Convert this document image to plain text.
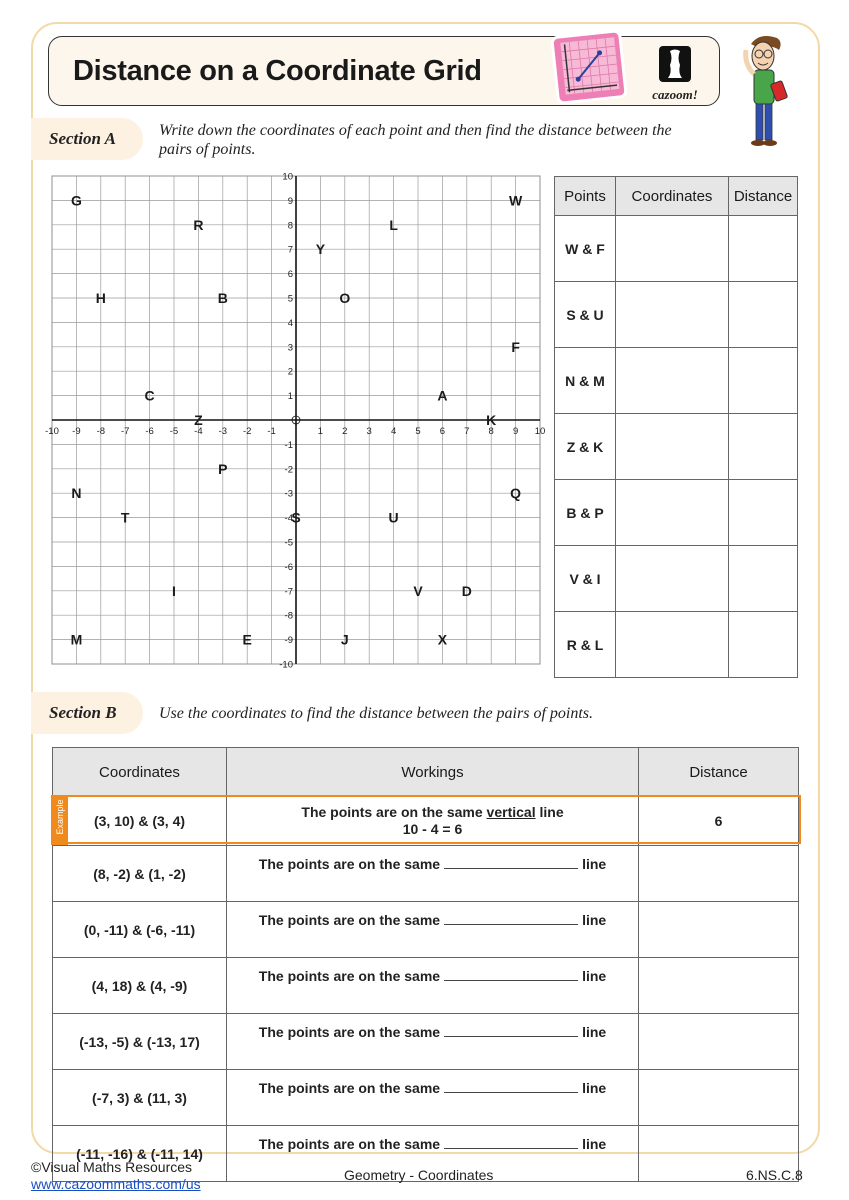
Distance on a Coordinate Grid
cazoom!
Section A	Write down the coordinates of each point and then find the distance between the
pairs of points.
-10 -9 -8 -7 -6 -5 -4 -3 -2 -1	1 2 3 4 5 6 7 8 9 10
10
9
8
7
6
5
4
3
2
1
-1
-2
-3
-4
-5
-6
-7
-8
-9
-10
G	W
R	L
Y
H	B	O
F
C	A
Z	K
P
N	Q
T	S	U
I	V	D
M	E	J	X
Points	Coordinates	Distance
W & F		
S & U		
N & M		
Z & K		
B & P		
V & I		
R & L		
Section B	Use the coordinates to find the distance between the pairs of points.
Coordinates	Workings	Distance
(3, 10) & (3, 4)	The points are on the same vertical line
10 - 4 = 6	6
(8, -2) & (1, -2)	The points are on the same line	
(0, -11) & (-6, -11)	The points are on the same line	
(4, 18) & (4, -9)	The points are on the same line	
(-13, -5) & (-13, 17)	The points are on the same line	
(-7, 3) & (11, 3)	The points are on the same line	
(-11, -16) & (-11, 14)	The points are on the same line	
Example
©Visual Maths Resources
www.cazoommaths.com/us
Geometry - Coordinates	6.NS.C.8
